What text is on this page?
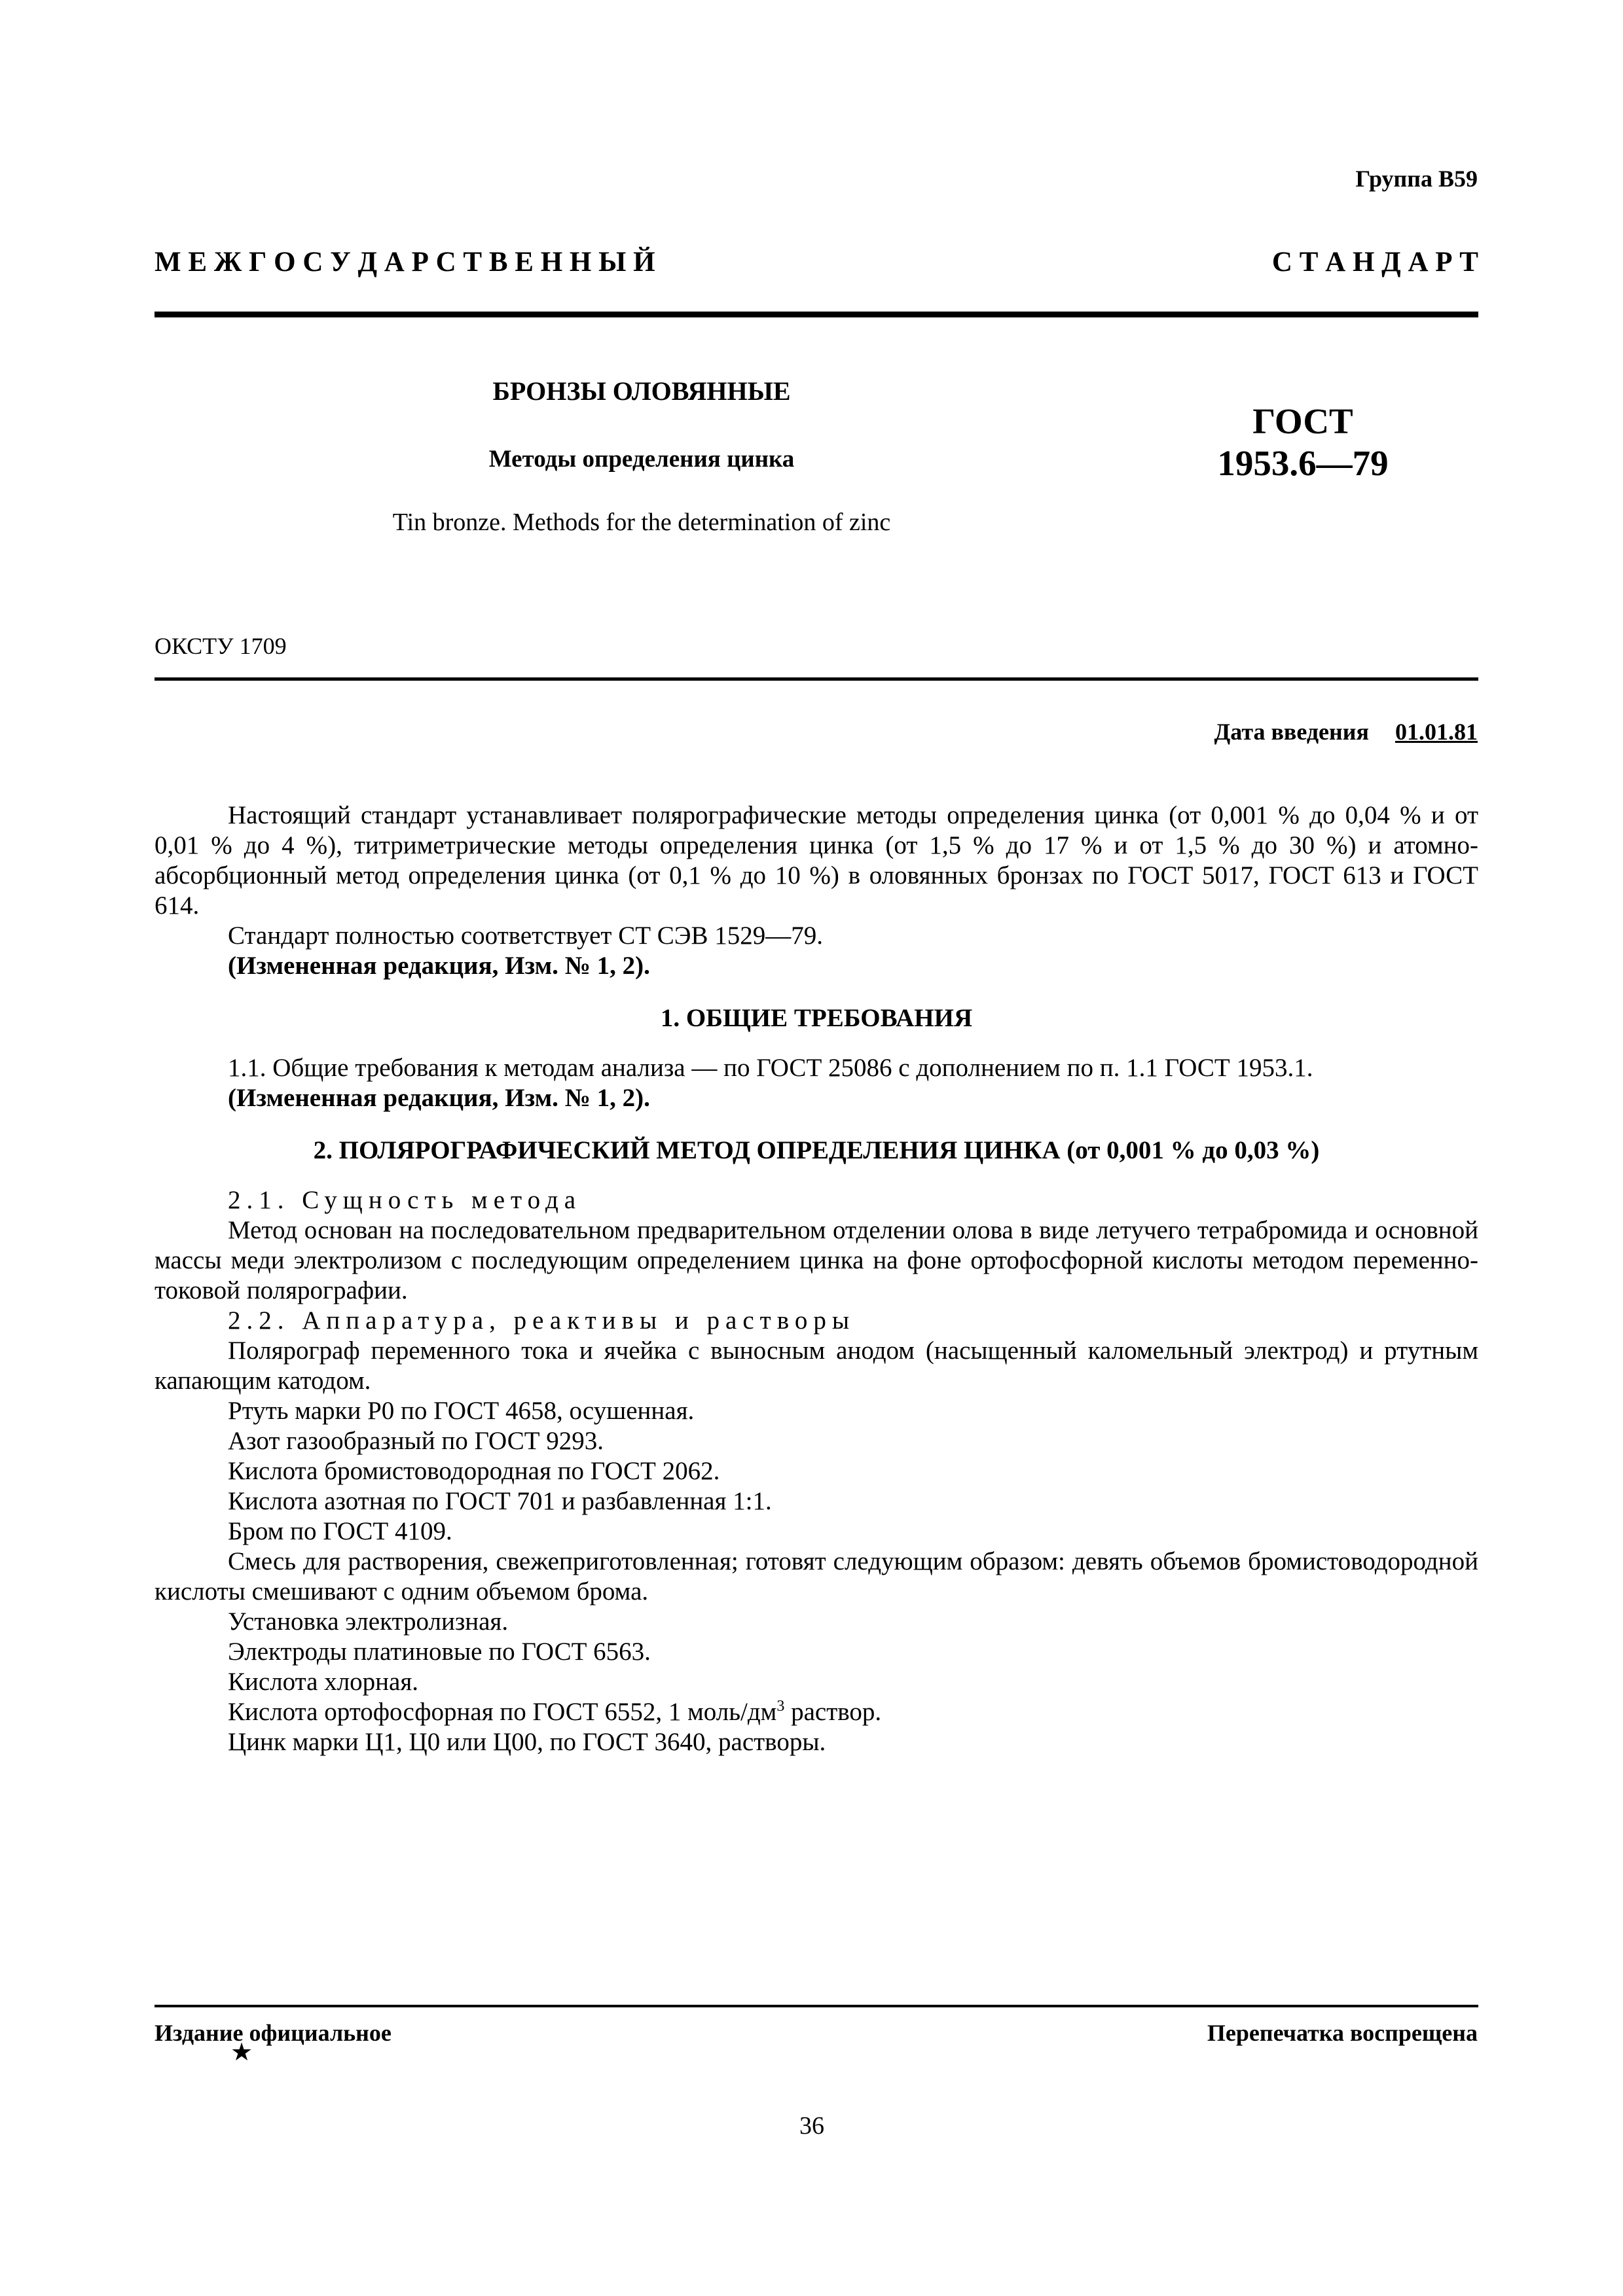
Группа В59
М Е Ж Г О С У Д А Р С Т В Е Н Н Ы Й	С Т А Н Д А Р Т
БРОНЗЫ ОЛОВЯННЫЕ
Методы определения цинка
Tin bronze. Methods for the determination of zinc
ГОСТ
1953.6—79
ОКСТУ 1709
Дата введения 01.01.81

Настоящий стандарт устанавливает полярографические методы определения цинка (от 0,001 % до 0,04 % и от 0,01 % до 4 %), титриметрические методы определения цинка (от 1,5 % до 17 % и от 1,5 % до 30 %) и атомно-абсорбционный метод определения цинка (от 0,1 % до 10 %) в оловянных бронзах по ГОСТ 5017, ГОСТ 613 и ГОСТ 614.

Стандарт полностью соответствует СТ СЭВ 1529—79.

(Измененная редакция, Изм. № 1, 2).

1. ОБЩИЕ ТРЕБОВАНИЯ

1.1. Общие требования к методам анализа — по ГОСТ 25086 с дополнением по п. 1.1 ГОСТ 1953.1.

(Измененная редакция, Изм. № 1, 2).

2. ПОЛЯРОГРАФИЧЕСКИЙ МЕТОД ОПРЕДЕЛЕНИЯ ЦИНКА (от 0,001 % до 0,03 %)

2.1. Сущность метода

Метод основан на последовательном предварительном отделении олова в виде летучего тетрабромида и основной массы меди электролизом с последующим определением цинка на фоне ортофосфорной кислоты методом переменно-токовой полярографии.

2.2. Аппаратура, реактивы и растворы

Полярограф переменного тока и ячейка с выносным анодом (насыщенный каломельный электрод) и ртутным капающим катодом.

Ртуть марки Р0 по ГОСТ 4658, осушенная.

Азот газообразный по ГОСТ 9293.

Кислота бромистоводородная по ГОСТ 2062.

Кислота азотная по ГОСТ 701 и разбавленная 1:1.

Бром по ГОСТ 4109.

Смесь для растворения, свежеприготовленная; готовят следующим образом: девять объемов бромистоводородной кислоты смешивают с одним объемом брома.

Установка электролизная.

Электроды платиновые по ГОСТ 6563.

Кислота хлорная.

Кислота ортофосфорная по ГОСТ 6552, 1 моль/$дм^3$ раствор.

Цинк марки Ц1, Ц0 или Ц00, по ГОСТ 3640, растворы.

Издание официальное	Перепечатка воспрещена
★
36
